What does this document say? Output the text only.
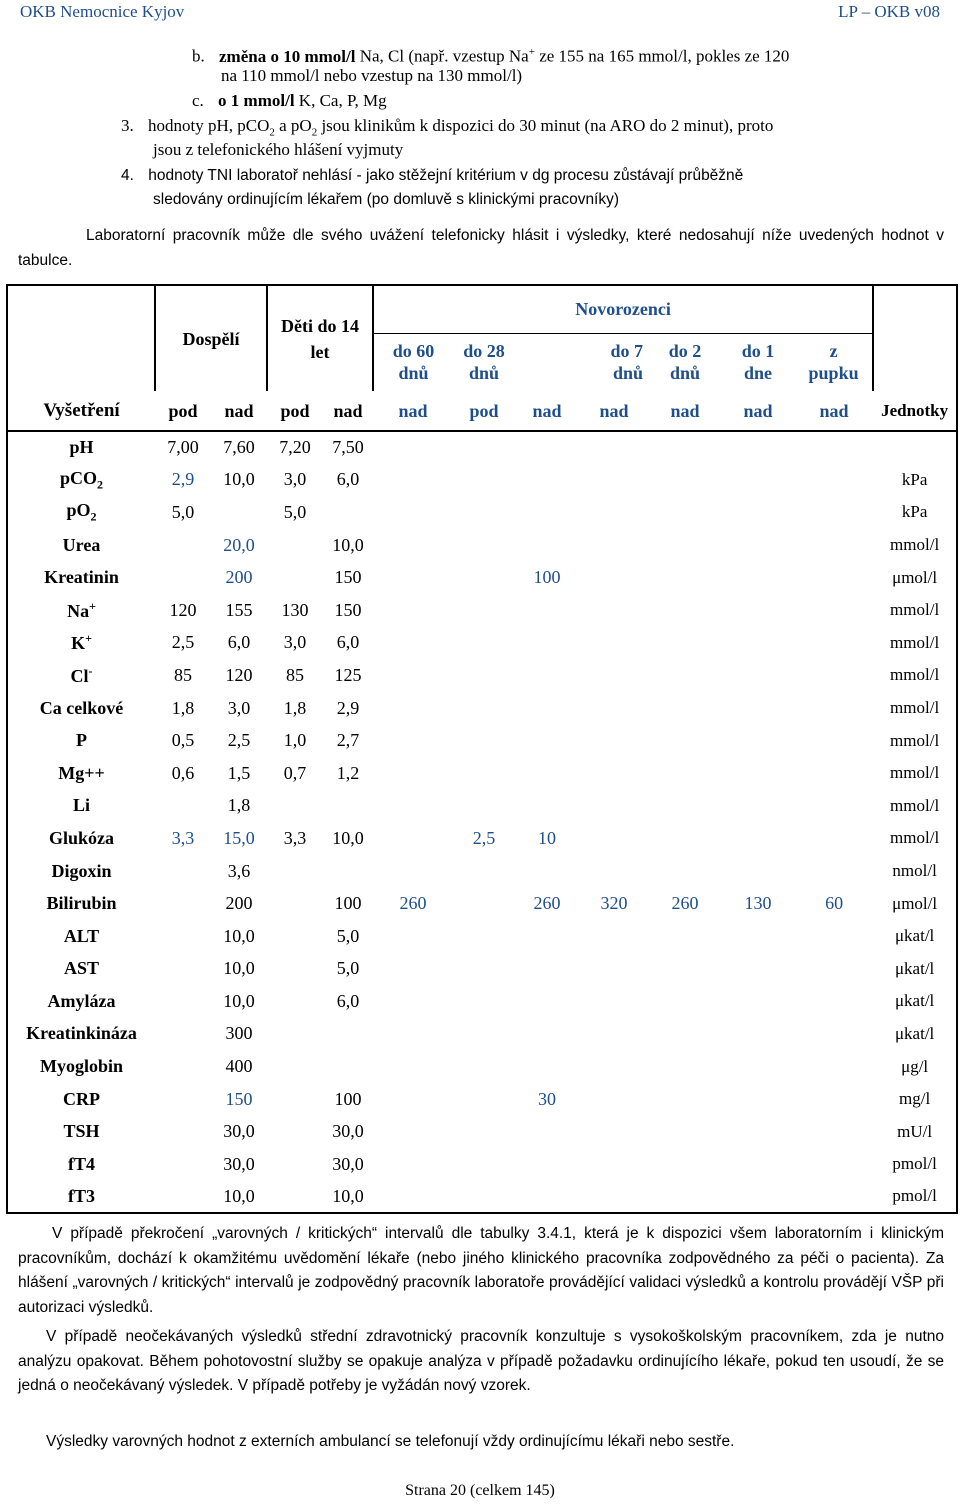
OKB Nemocnice Kyjov	LP – OKB v08
b. změna o 10 mmol/l Na, Cl (např. vzestup Na+ ze 155 na 165 mmol/l, pokles ze 120
na 110 mmol/l nebo vzestup na 130 mmol/l)
c. o 1 mmol/l K, Ca, P, Mg
3. hodnoty pH, pCO$_2$ a $pO_2$ jsou klinikům k dispozici do 30 minut (na ARO do 2 minut), proto
jsou z telefonického hlášení vyjmuty
4. hodnoty TNI laboratoř nehlásí - jako stěžejní kritérium v dg procesu zůstávají průběžně
sledovány ordinujícím lékařem (po domluvě s klinickými pracovníky)
Laboratorní pracovník může dle svého uvážení telefonicky hlásit i výsledky, které nedosahují níže uvedených hodnot v tabulce.
	Dospělí		Děti do 14 let		Novorozenci							
					do 60 dnů	do 28 dnů	do 7 dnů		do 2 dnů	do 1 dne	z pupku	
Vyšetření	pod	nad	pod	nad	nad	pod	nad	nad	nad	nad	nad	Jednotky
pH	7,00	7,60	7,20	7,50								
pCO$_2$	2,9	10,0	3,0	6,0								kPa
$pO_2$	5,0		5,0									kPa
Urea		20,0		10,0								mmol/l
Kreatinin		200		150			100					μmol/l
Na+	120	155	130	150								mmol/l
K+	2,5	6,0	3,0	6,0								mmol/l
Cl-	85	120	85	125								mmol/l
Ca celkové	1,8	3,0	1,8	2,9								mmol/l
P	0,5	2,5	1,0	2,7								mmol/l
Mg++	0,6	1,5	0,7	1,2								mmol/l
Li		1,8										mmol/l
Glukóza	3,3	15,0	3,3	10,0		2,5	10					mmol/l
Digoxin		3,6										nmol/l
Bilirubin		200		100	260		260	320	260	130	60	μmol/l
ALT		10,0		5,0								μkat/l
AST		10,0		5,0								μkat/l
Amyláza		10,0		6,0								μkat/l
Kreatinkináza		300										μkat/l
Myoglobin		400										μg/l
CRP		150		100			30					mg/l
TSH		30,0		30,0								mU/l
fT4		30,0		30,0								pmol/l
fT3		10,0		10,0								pmol/l
V případě překročení „varovných / kritických“ intervalů dle tabulky 3.4.1, která je k dispozici všem laboratorním i klinickým pracovníkům, dochází k okamžitému uvědomění lékaře (nebo jiného klinického pracovníka zodpovědného za péči o pacienta). Za hlášení „varovných / kritických“ intervalů je zodpovědný pracovník laboratoře provádějící validaci výsledků a kontrolu provádějí VŠP při autorizaci výsledků.
V případě neočekávaných výsledků střední zdravotnický pracovník konzultuje s vysokoškolským pracovníkem, zda je nutno analýzu opakovat. Během pohotovostní služby se opakuje analýza v případě požadavku ordinujícího lékaře, pokud ten usoudí, že se jedná o neočekávaný výsledek. V případě potřeby je vyžádán nový vzorek.
Výsledky varovných hodnot z externích ambulancí se telefonují vždy ordinujícímu lékaři nebo sestře.
Strana 20 (celkem 145)
